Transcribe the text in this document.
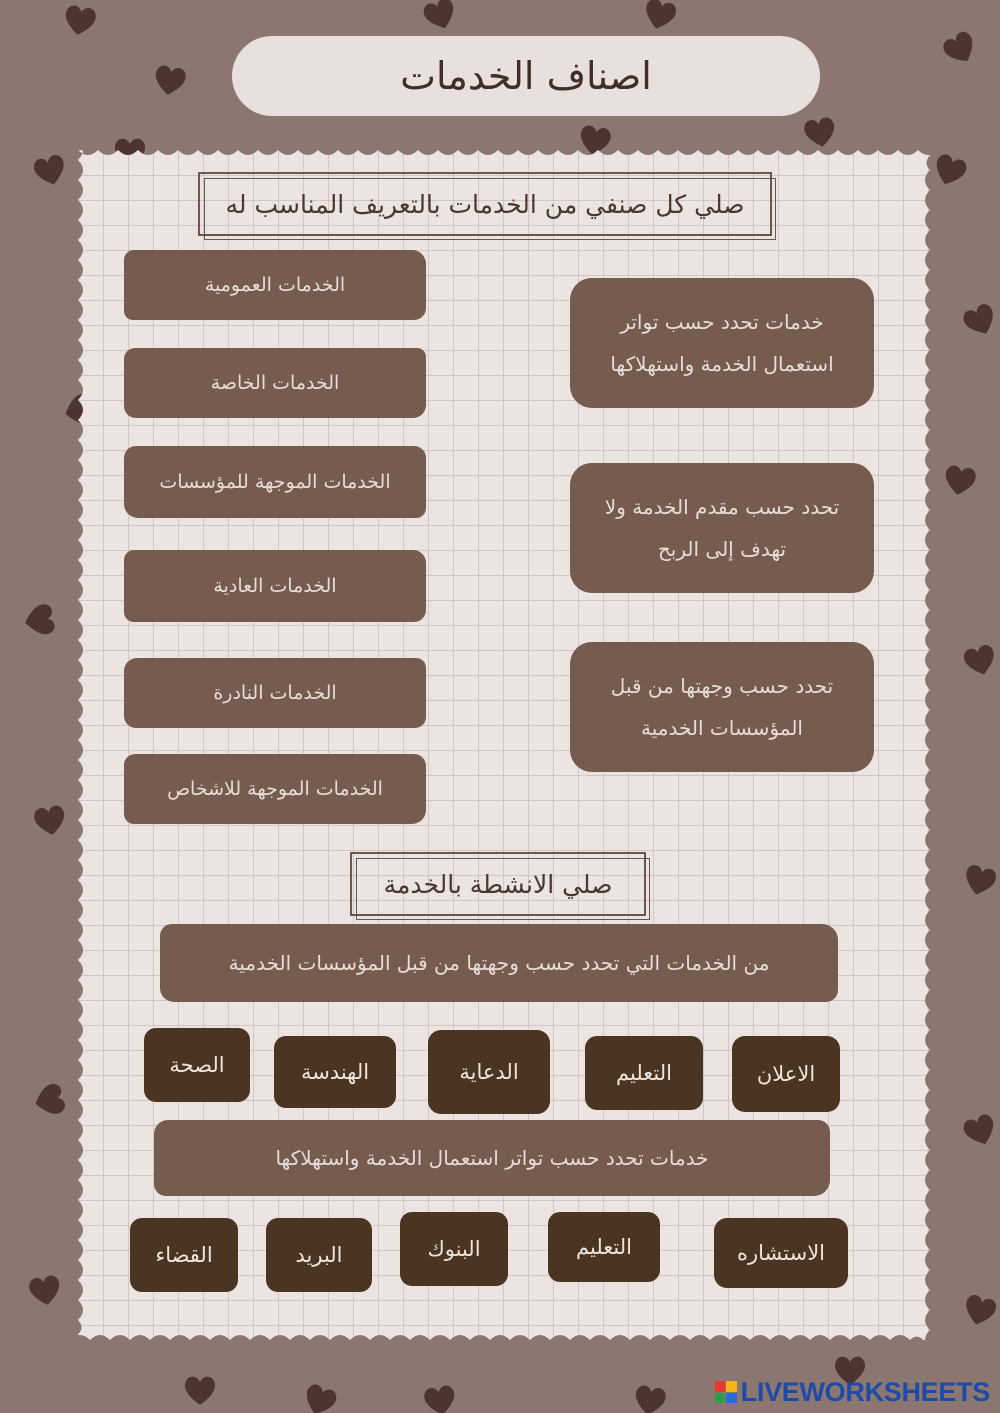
اصناف الخدمات
صلي كل صنفي من الخدمات بالتعريف المناسب له
الخدمات العمومية
الخدمات الخاصة
الخدمات الموجهة للمؤسسات
الخدمات العادية
الخدمات النادرة
الخدمات الموجهة للاشخاص
خدمات تحدد حسب تواتر
استعمال الخدمة واستهلاكها
تحدد حسب مقدم الخدمة ولا
تهدف إلى الربح
تحدد حسب وجهتها من قبل
المؤسسات الخدمية
صلي الانشطة بالخدمة
من الخدمات التي تحدد حسب وجهتها من قبل المؤسسات الخدمية
الصحة	الهندسة	الدعاية	التعليم	الاعلان
خدمات تحدد حسب تواتر استعمال الخدمة واستهلاكها
القضاء	البريد	البنوك	التعليم	الاستشاره
LIVEWORKSHEETS
